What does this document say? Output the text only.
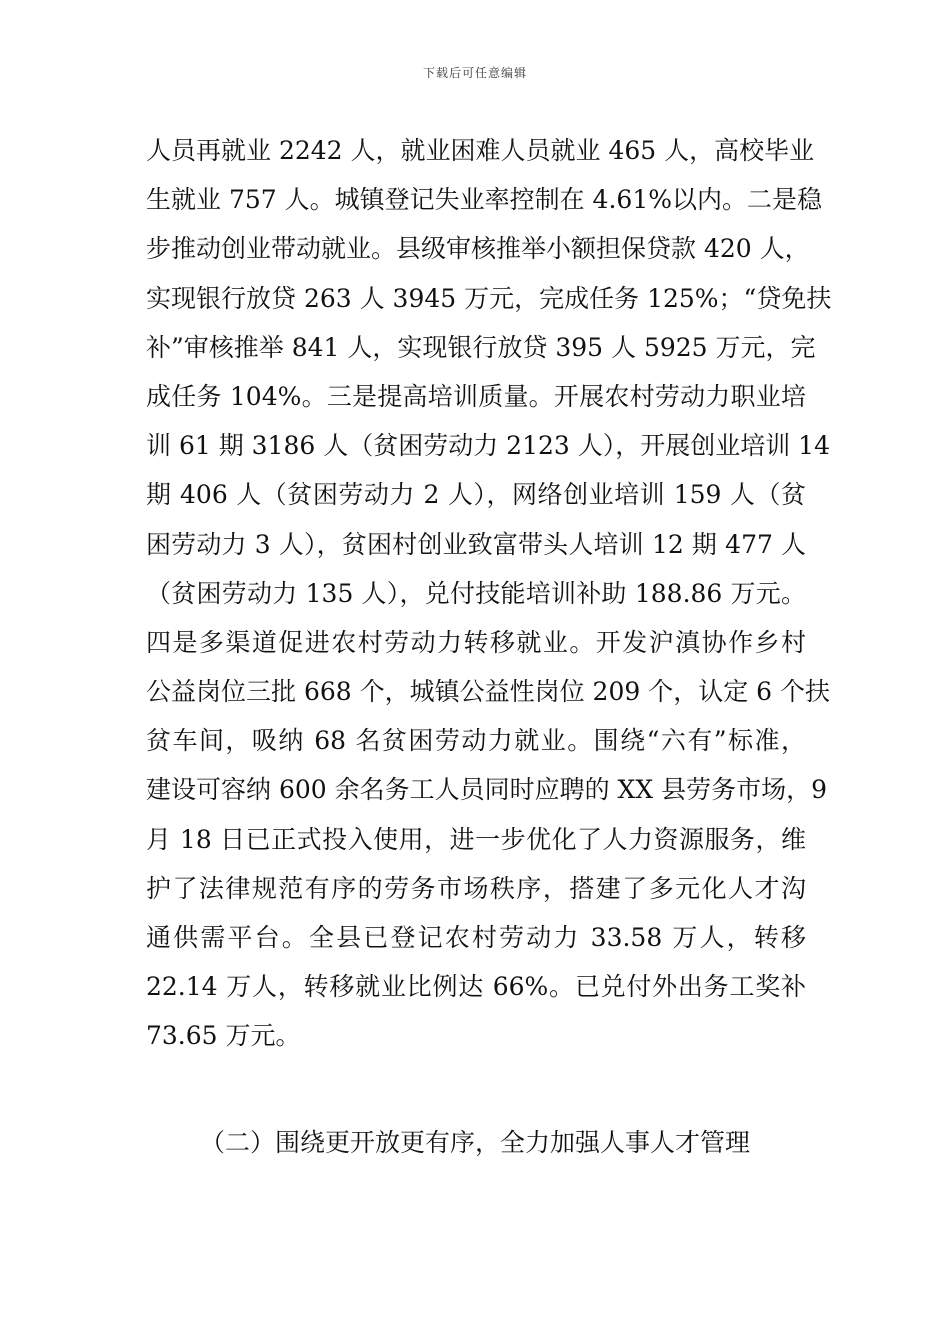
下载后可任意编辑
人员再就业 2242 人，就业困难人员就业 465 人，高校毕业
生就业 757 人。城镇登记失业率控制在 4.61%以内。二是稳
步推动创业带动就业。县级审核推举小额担保贷款 420 人，
实现银行放贷 263 人 3945 万元，完成任务 125%；“贷免扶
补”审核推举 841 人，实现银行放贷 395 人 5925 万元，完
成任务 104%。三是提高培训质量。开展农村劳动力职业培
训 61 期 3186 人（贫困劳动力 2123 人），开展创业培训 14
期 406 人（贫困劳动力 2 人），网络创业培训 159 人（贫
困劳动力 3 人），贫困村创业致富带头人培训 12 期 477 人
（贫困劳动力 135 人），兑付技能培训补助 188.86 万元。
四是多渠道促进农村劳动力转移就业。开发沪滇协作乡村
公益岗位三批 668 个，城镇公益性岗位 209 个，认定 6 个扶
贫车间，吸纳 68 名贫困劳动力就业。围绕“六有”标准，
建设可容纳 600 余名务工人员同时应聘的 XX 县劳务市场，9
月 18 日已正式投入使用，进一步优化了人力资源服务，维
护了法律规范有序的劳务市场秩序，搭建了多元化人才沟
通供需平台。全县已登记农村劳动力 33.58 万人，转移
22.14 万人，转移就业比例达 66%。已兑付外出务工奖补
73.65 万元。
（二）围绕更开放更有序，全力加强人事人才管理
